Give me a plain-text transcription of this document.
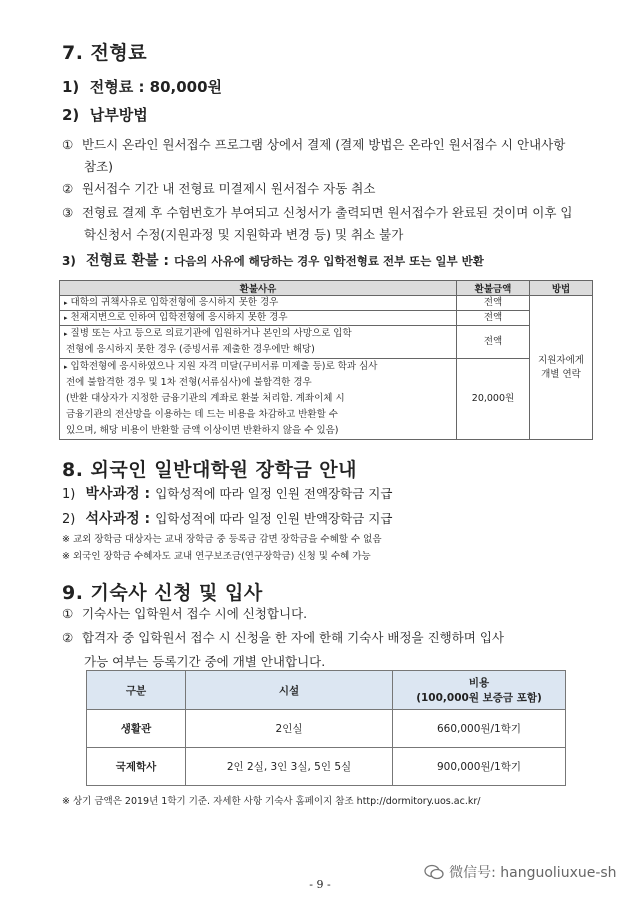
7. 전형료
1) 전형료 : 80,000원
2) 납부방법
① 반드시 온라인 원서접수 프로그램 상에서 결제 (결제 방법은 온라인 원서접수 시 안내사항
참조)
② 원서접수 기간 내 전형료 미결제시 원서접수 자동 취소
③ 전형료 결제 후 수험번호가 부여되고 신청서가 출력되면 원서접수가 완료된 것이며 이후 입
학신청서 수정(지원과정 및 지원학과 변경 등) 및 취소 불가
3) 전형료 환불 : 다음의 사유에 해당하는 경우 입학전형료 전부 또는 일부 반환
환불사유	환불금액	방법
▸ 대학의 귀책사유로 입학전형에 응시하지 못한 경우	전액	지원자에게
개별 연락
▸ 천재지변으로 인하여 입학전형에 응시하지 못한 경우	전액	
▸ 질병 또는 사고 등으로 의료기관에 입원하거나 본인의 사망으로 입학
전형에 응시하지 못한 경우 (증빙서류 제출한 경우에만 해당)	전액	
▸ 입학전형에 응시하였으나 지원 자격 미달(구비서류 미제출 등)로 학과 심사
전에 불합격한 경우 및 1차 전형(서류심사)에 불합격한 경우
(반환 대상자가 지정한 금융기관의 계좌로 환불 처리함. 계좌이체 시
금융기관의 전산망을 이용하는 데 드는 비용을 차감하고 반환할 수
있으며, 해당 비용이 반환할 금액 이상이면 반환하지 않을 수 있음)	20,000원	
8. 외국인 일반대학원 장학금 안내
1) 박사과정 : 입학성적에 따라 일정 인원 전액장학금 지급
2) 석사과정 : 입학성적에 따라 일정 인원 반액장학금 지급
※ 교외 장학금 대상자는 교내 장학금 중 등록금 감면 장학금을 수혜할 수 없음
※ 외국인 장학금 수혜자도 교내 연구보조금(연구장학금) 신청 및 수혜 가능
9. 기숙사 신청 및 입사
① 기숙사는 입학원서 접수 시에 신청합니다.
② 합격자 중 입학원서 접수 시 신청을 한 자에 한해 기숙사 배정을 진행하며 입사
가능 여부는 등록기간 중에 개별 안내합니다.
구분	시설	비용
(100,000원 보증금 포함)
생활관	2인실	660,000원/1학기
국제학사	2인 2실, 3인 3실, 5인 5실	900,000원/1학기
※ 상기 금액은 2019년 1학기 기준. 자세한 사항 기숙사 홈페이지 참조 http://dormitory.uos.ac.kr/
- 9 -
微信号: hanguoliuxue-sh
